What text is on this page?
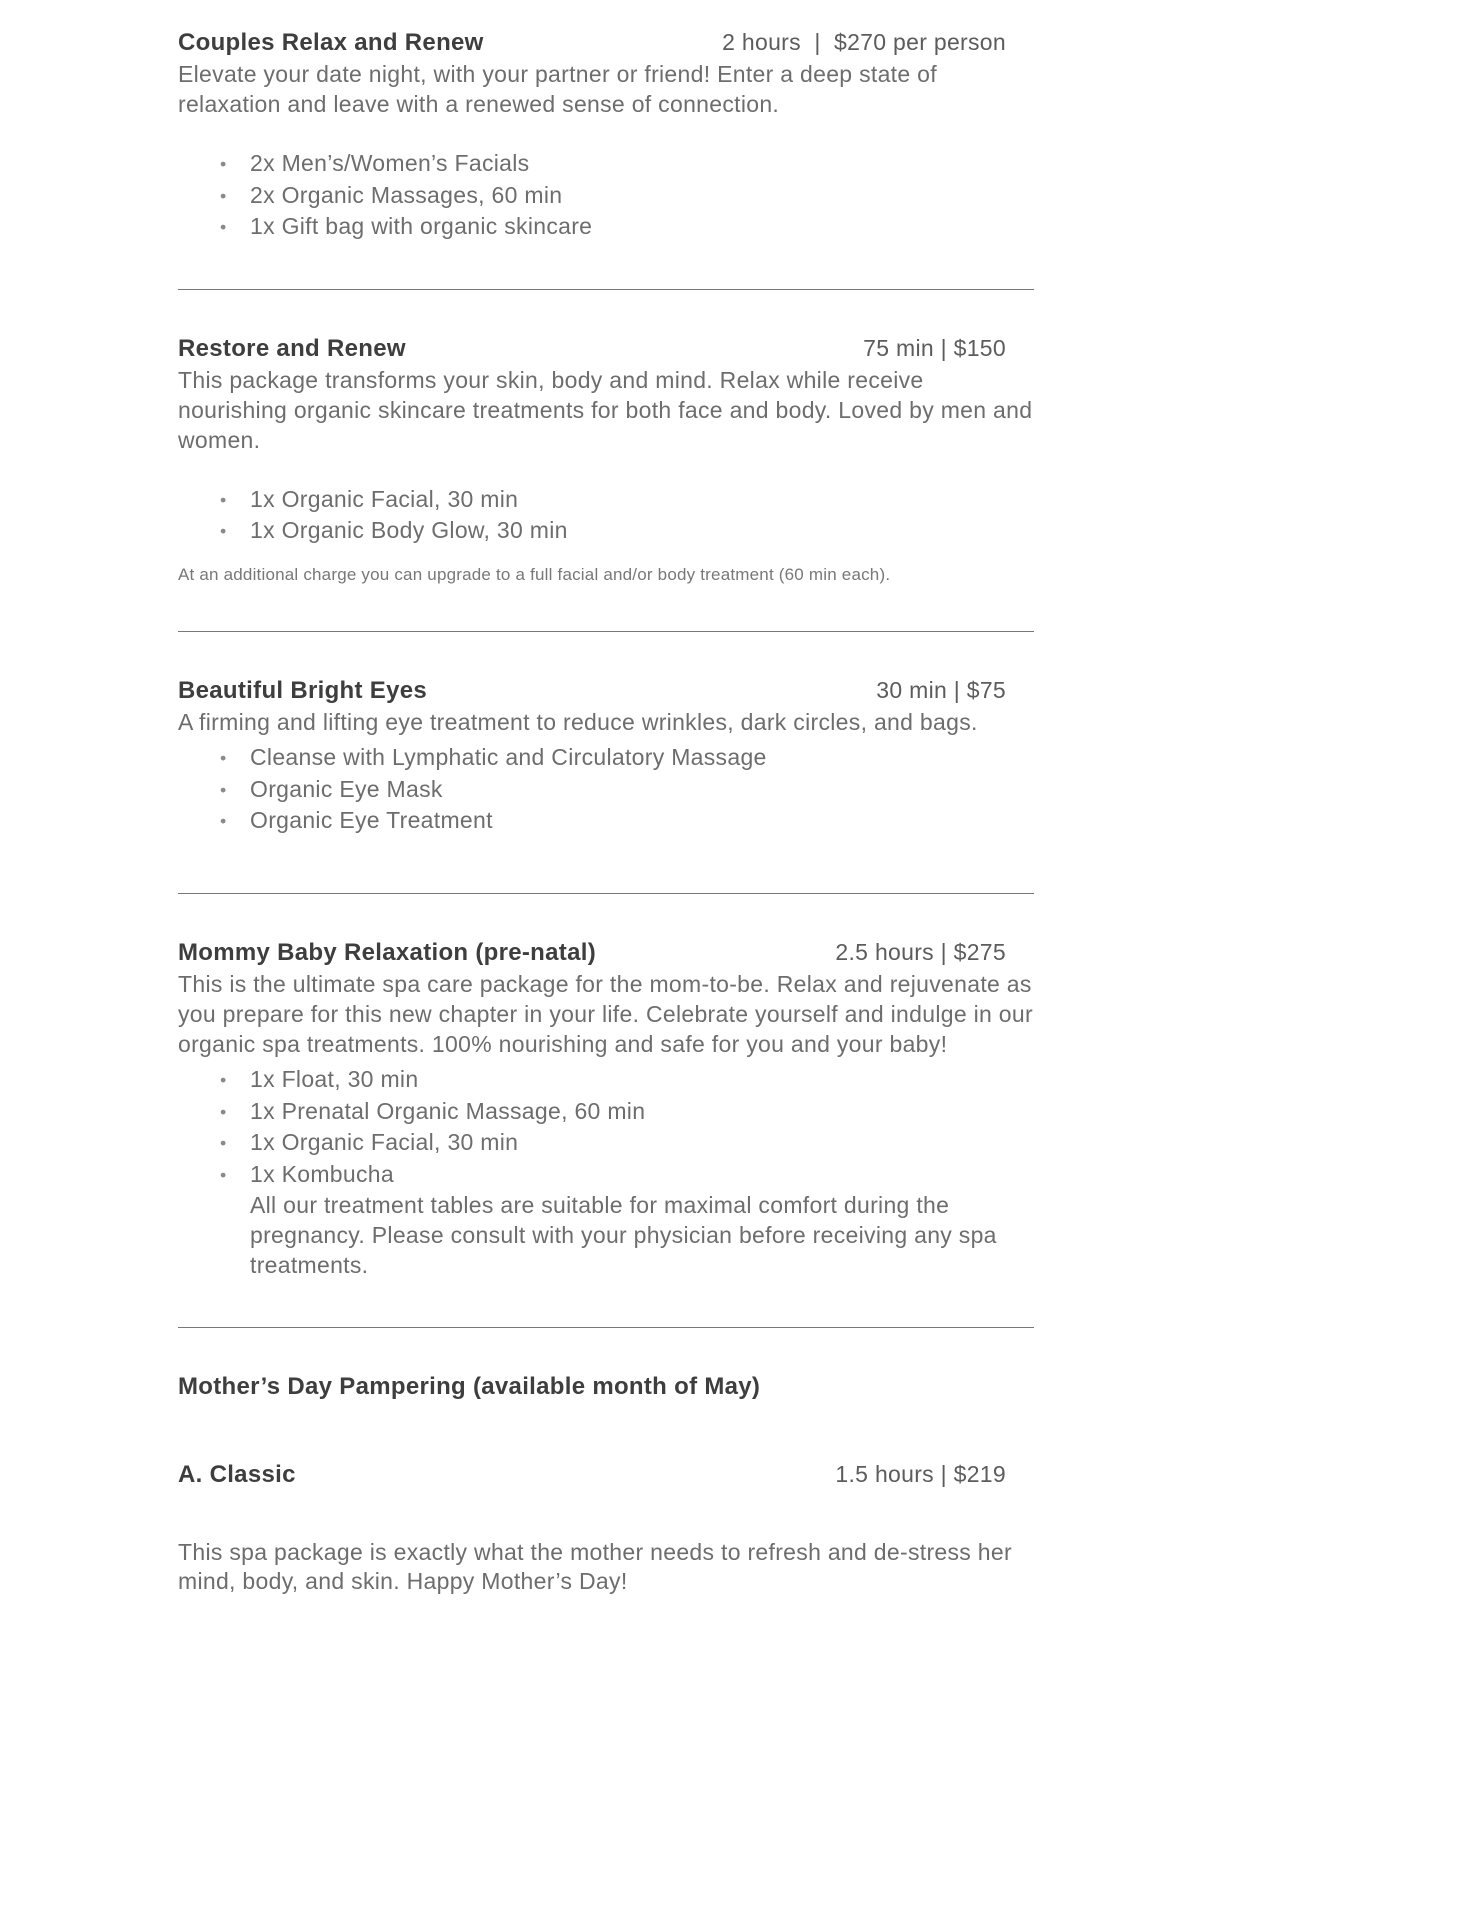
Couples Relax and Renew	2 hours  |  $270 per person

Elevate your date night, with your partner or friend! Enter a deep state of relaxation and leave with a renewed sense of connection.

• 2x Men’s/Women’s Facials
• 2x Organic Massages, 60 min
• 1x Gift bag with organic skincare
Restore and Renew	75 min | $150

This package transforms your skin, body and mind. Relax while receive nourishing organic skincare treatments for both face and body. Loved by men and women.

• 1x Organic Facial, 30 min
• 1x Organic Body Glow, 30 min

At an additional charge you can upgrade to a full facial and/or body treatment (60 min each).

Beautiful Bright Eyes	30 min | $75

A firming and lifting eye treatment to reduce wrinkles, dark circles, and bags.

• Cleanse with Lymphatic and Circulatory Massage
• Organic Eye Mask
• Organic Eye Treatment
Mommy Baby Relaxation (pre-natal)	2.5 hours | $275

This is the ultimate spa care package for the mom-to-be. Relax and rejuvenate as you prepare for this new chapter in your life. Celebrate yourself and indulge in our organic spa treatments. 100% nourishing and safe for you and your baby!

• 1x Float, 30 min
• 1x Prenatal Organic Massage, 60 min
• 1x Organic Facial, 30 min
• 1x Kombucha

All our treatment tables are suitable for maximal comfort during the pregnancy. Please consult with your physician before receiving any spa treatments.

Mother’s Day Pampering (available month of May)
A. Classic	1.5 hours | $219

This spa package is exactly what the mother needs to refresh and de-stress her mind, body, and skin. Happy Mother’s Day!
